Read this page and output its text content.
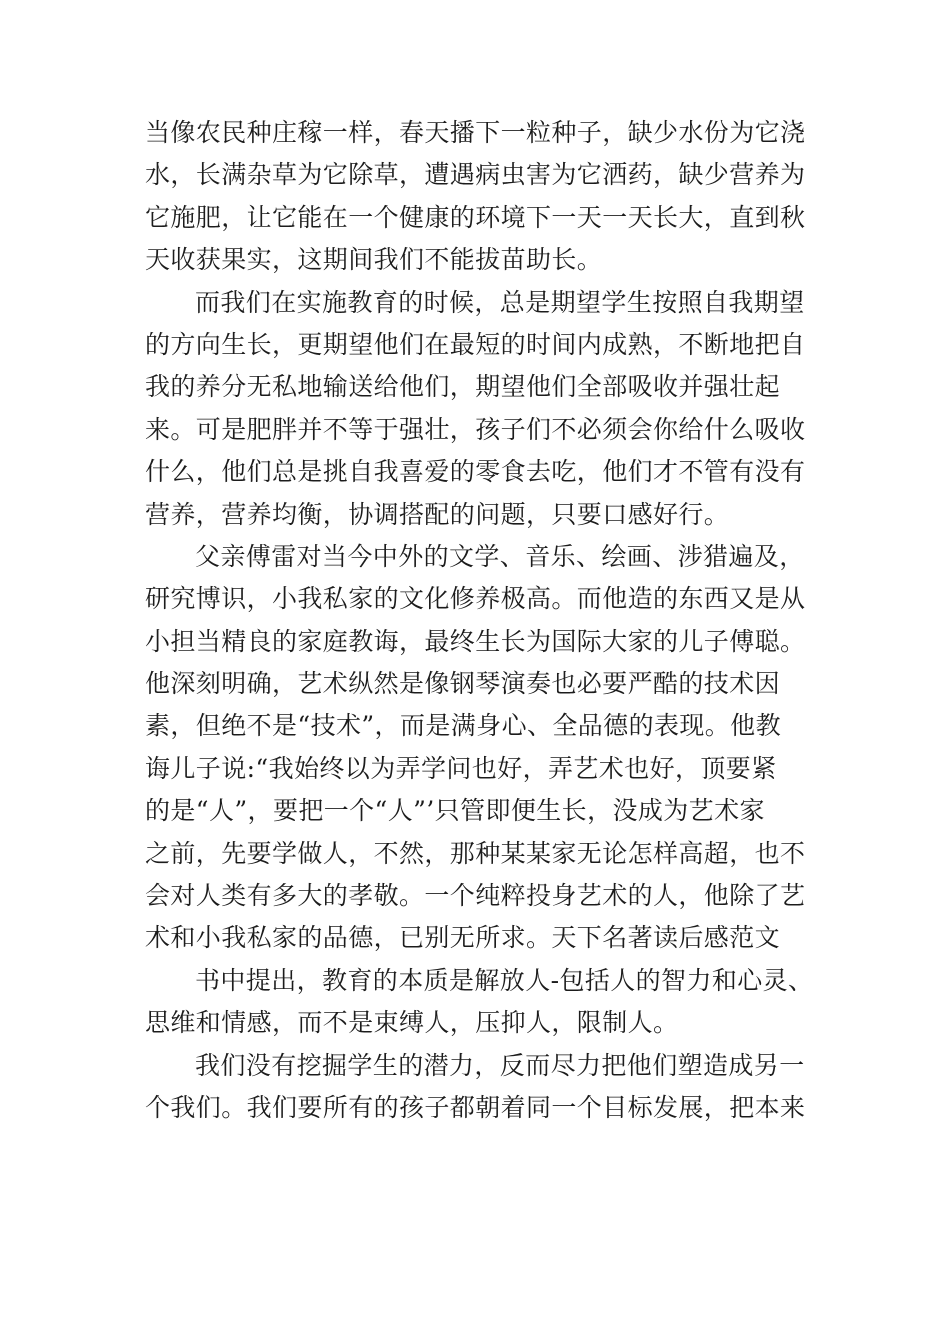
当像农民种庄稼一样，春天播下一粒种子，缺少水份为它浇
水，长满杂草为它除草，遭遇病虫害为它洒药，缺少营养为
它施肥，让它能在一个健康的环境下一天一天长大，直到秋
天收获果实，这期间我们不能拔苗助长。
而我们在实施教育的时候，总是期望学生按照自我期望
的方向生长，更期望他们在最短的时间内成熟，不断地把自
我的养分无私地输送给他们，期望他们全部吸收并强壮起
来。可是肥胖并不等于强壮，孩子们不必须会你给什么吸收
什么，他们总是挑自我喜爱的零食去吃，他们才不管有没有
营养，营养均衡，协调搭配的问题，只要口感好行。
父亲傅雷对当今中外的文学、音乐、绘画、涉猎遍及，
研究博识，小我私家的文化修养极高。而他造的东西又是从
小担当精良的家庭教诲，最终生长为国际大家的儿子傅聪。
他深刻明确，艺术纵然是像钢琴演奏也必要严酷的技术因
素，但绝不是“技术”，而是满身心、全品德的表现。他教
诲儿子说:“我始终以为弄学问也好，弄艺术也好，顶要紧
的是“人”，要把一个“人”’只管即便生长，没成为艺术家
之前，先要学做人，不然，那种某某家无论怎样高超，也不
会对人类有多大的孝敬。一个纯粹投身艺术的人，他除了艺
术和小我私家的品德，已别无所求。天下名著读后感范文
书中提出，教育的本质是解放人-包括人的智力和心灵、
思维和情感，而不是束缚人，压抑人，限制人。
我们没有挖掘学生的潜力，反而尽力把他们塑造成另一
个我们。我们要所有的孩子都朝着同一个目标发展，把本来
